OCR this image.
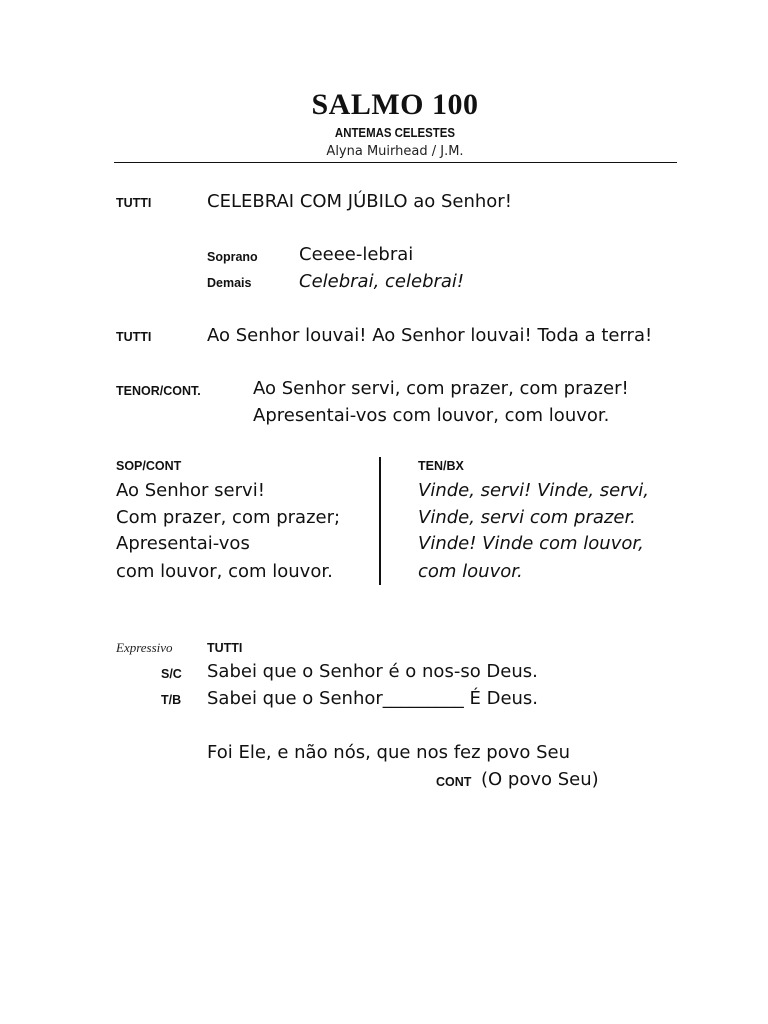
SALMO 100
ANTEMAS CELESTES
Alyna Muirhead / J.M.
TUTTI	CELEBRAI COM JÚBILO ao Senhor!
Soprano Ceeee-lebrai
Demais	Celebrai, celebrai!
TUTTI	Ao Senhor louvai! Ao Senhor louvai! Toda a terra!
TENOR/CONT.	Ao Senhor servi, com prazer, com prazer!
Apresentai-vos com louvor, com louvor.
SOP/CONT
Ao Senhor servi!
Com prazer, com prazer;
Apresentai-vos
com louvor, com louvor.
TEN/BX
Vinde, servi! Vinde, servi,
Vinde, servi com prazer.
Vinde! Vinde com louvor,
com louvor.
Expressivo	TUTTI
S/C Sabei que o Senhor é o nos-so Deus.
T/B Sabei que o Senhor_________ É Deus.
Foi Ele, e não nós, que nos fez povo Seu
CONT (O povo Seu)
